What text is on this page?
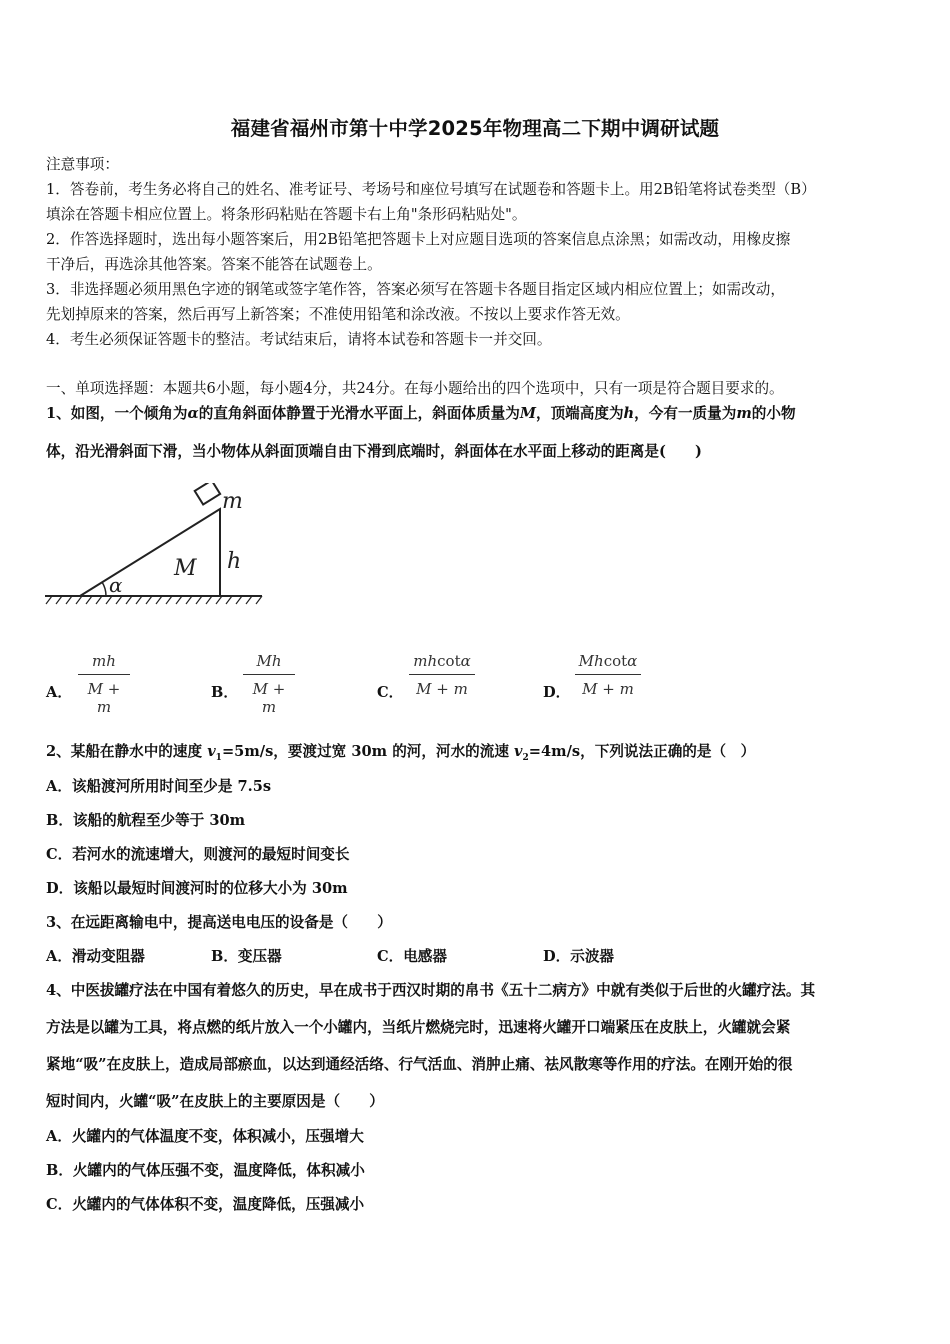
福建省福州市第十中学2025年物理高二下期中调研试题
注意事项：
1．答卷前，考生务必将自己的姓名、准考证号、考场号和座位号填写在试题卷和答题卡上。用2B铅笔将试卷类型（B）
填涂在答题卡相应位置上。将条形码粘贴在答题卡右上角"条形码粘贴处"。
2．作答选择题时，选出每小题答案后，用2B铅笔把答题卡上对应题目选项的答案信息点涂黑；如需改动，用橡皮擦
干净后，再选涂其他答案。答案不能答在试题卷上。
3．非选择题必须用黑色字迹的钢笔或签字笔作答，答案必须写在答题卡各题目指定区域内相应位置上；如需改动，
先划掉原来的答案，然后再写上新答案；不准使用铅笔和涂改液。不按以上要求作答无效。
4．考生必须保证答题卡的整洁。考试结束后，请将本试卷和答题卡一并交回。
一、单项选择题：本题共6小题，每小题4分，共24分。在每小题给出的四个选项中，只有一项是符合题目要求的。
1、如图，一个倾角为α的直角斜面体静置于光滑水平面上，斜面体质量为M，顶端高度为h，今有一质量为m的小物
体，沿光滑斜面下滑，当小物体从斜面顶端自由下滑到底端时，斜面体在水平面上移动的距离是(　　)
α
M h
m
A．
mh
M + m
B．
Mh
M + m
C．
mhcotα
M + m	D．
Mhcotα
M + m
2、某船在静水中的速度 $v_1=5m/s$，要渡过宽 30m 的河，河水的流速 $v_2=4m/s$，下列说法正确的是（　）
A．该船渡河所用时间至少是 7.5s
B．该船的航程至少等于 30m
C．若河水的流速增大，则渡河的最短时间变长
D．该船以最短时间渡河时的位移大小为 30m
3、在远距离输电中，提高送电电压的设备是（　　）
A．滑动变阻器	B．变压器	C．电感器	D．示波器
4、中医拔罐疗法在中国有着悠久的历史，早在成书于西汉时期的帛书《五十二病方》中就有类似于后世的火罐疗法。其
方法是以罐为工具，将点燃的纸片放入一个小罐内，当纸片燃烧完时，迅速将火罐开口端紧压在皮肤上，火罐就会紧
紧地“吸”在皮肤上，造成局部瘀血，以达到通经活络、行气活血、消肿止痛、祛风散寒等作用的疗法。在刚开始的很
短时间内，火罐“吸”在皮肤上的主要原因是（　　）
A．火罐内的气体温度不变，体积减小，压强增大
B．火罐内的气体压强不变，温度降低，体积减小
C．火罐内的气体体积不变，温度降低，压强减小
